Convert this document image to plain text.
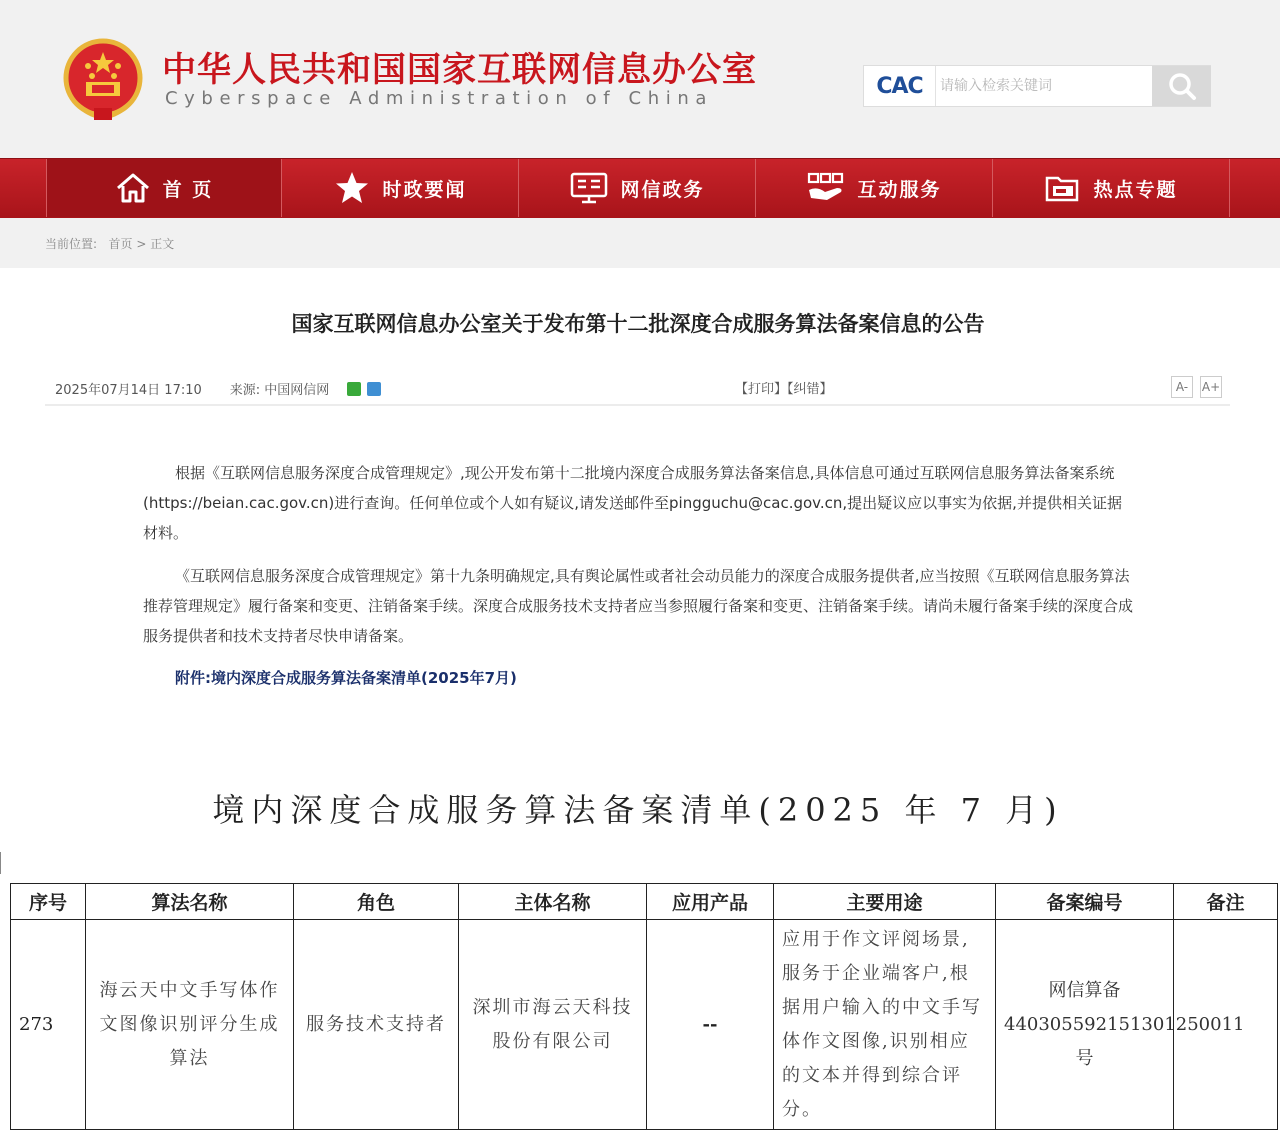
中华人民共和国国家互联网信息办公室
Cyberspace Administration of China	CAC
请输入检索关键词
首 页	时政要闻	网信政务	互动服务	热点专题
当前位置: 首页 > 正文
国家互联网信息办公室关于发布第十二批深度合成服务算法备案信息的公告
2025年07月14日 17:10 来源:
中国网信网	【打印】【纠错】	A-	A+

根据《互联网信息服务深度合成管理规定》,现公开发布第十二批境内深度合成服务算法备案信息,具体信息可通过互联网信息服务算法备案系统(https://beian.cac.gov.cn)进行查询。任何单位或个人如有疑议,请发送邮件至pingguchu@cac.gov.cn,提出疑议应以事实为依据,并提供相关证据材料。

《互联网信息服务深度合成管理规定》第十九条明确规定,具有舆论属性或者社会动员能力的深度合成服务提供者,应当按照《互联网信息服务算法推荐管理规定》履行备案和变更、注销备案手续。深度合成服务技术支持者应当参照履行备案和变更、注销备案手续。请尚未履行备案手续的深度合成服务提供者和技术支持者尽快申请备案。

附件:境内深度合成服务算法备案清单(2025年7月)
境内深度合成服务算法备案清单(2025 年 7 月)
序号	算法名称	角色	主体名称	应用产品	主要用途	备案编号	备注
273	海云天中文手写体作文图像识别评分生成算法	服务技术支持者	深圳市海云天科技股份有限公司	--	应用于作文评阅场景,服务于企业端客户,根据用户输入的中文手写体作文图像,识别相应的文本并得到综合评分。	网信算备440305592151301250011号	
